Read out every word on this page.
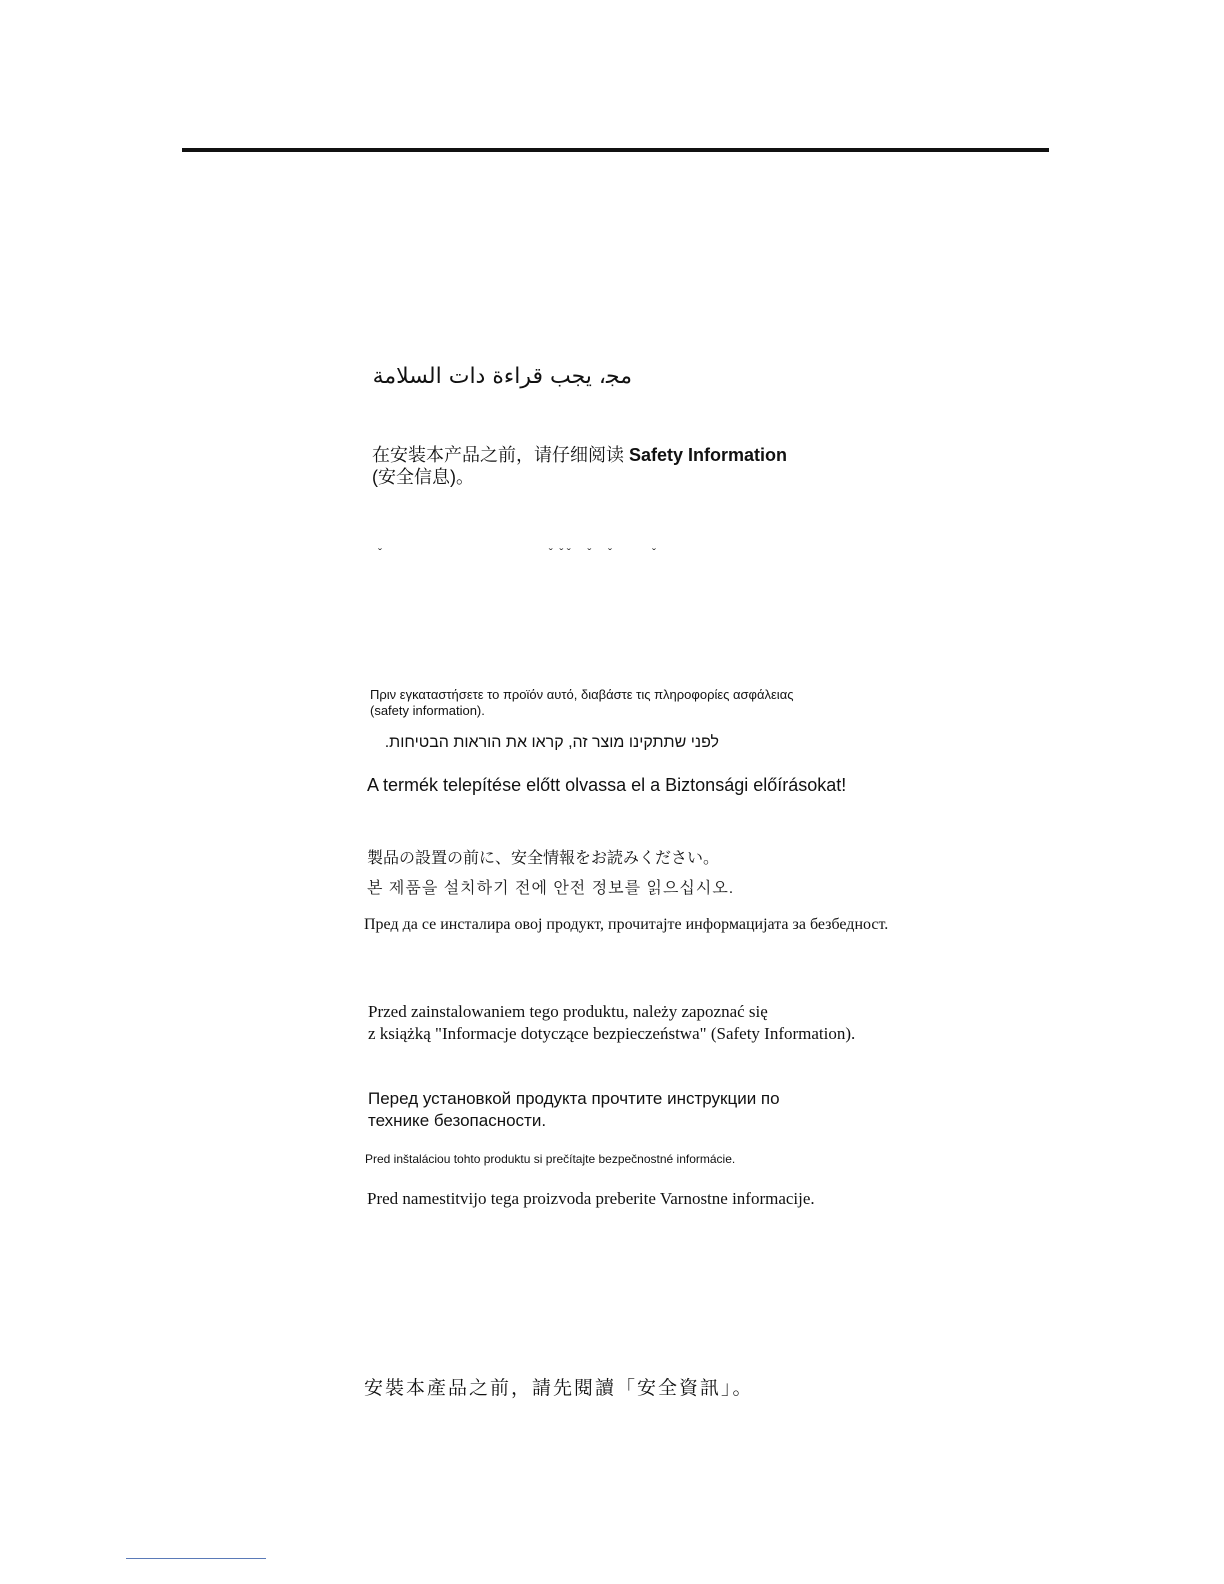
ﻣﺠ، ﻳﺠﺐ ﻗﺮاءة ﺩاﺕ اﻟﺴﻼﻣﺔ
在安装本产品之前，请仔细阅读 Safety Information
(安全信息)。
ˇ                                                  ˇ  ˇ ˇ     ˇ     ˇ            ˇ
Πριν εγκαταστήσετε το προϊόν αυτό, διαβάστε τις πληροφορίες ασφάλειας
(safety information).
לפני שתתקינו מוצר זה, קראו את הוראות הבטיחות.
A termék telepítése előtt olvassa el a Biztonsági előírásokat!
製品の設置の前に、安全情報をお読みください。
본 제품을 설치하기 전에 안전 정보를 읽으십시오.
Пред да се инсталира овој продукт, прочитајте информацијата за безбедност.
Przed zainstalowaniem tego produktu, należy zapoznać się
z książką "Informacje dotyczące bezpieczeństwa" (Safety Information).
Перед установкой продукта прочтите инструкции по
технике безопасности.
Pred inštaláciou tohto produktu si prečítajte bezpečnostné informácie.
Pred namestitvijo tega proizvoda preberite Varnostne informacije.
安裝本產品之前，請先閱讀「安全資訊」。
